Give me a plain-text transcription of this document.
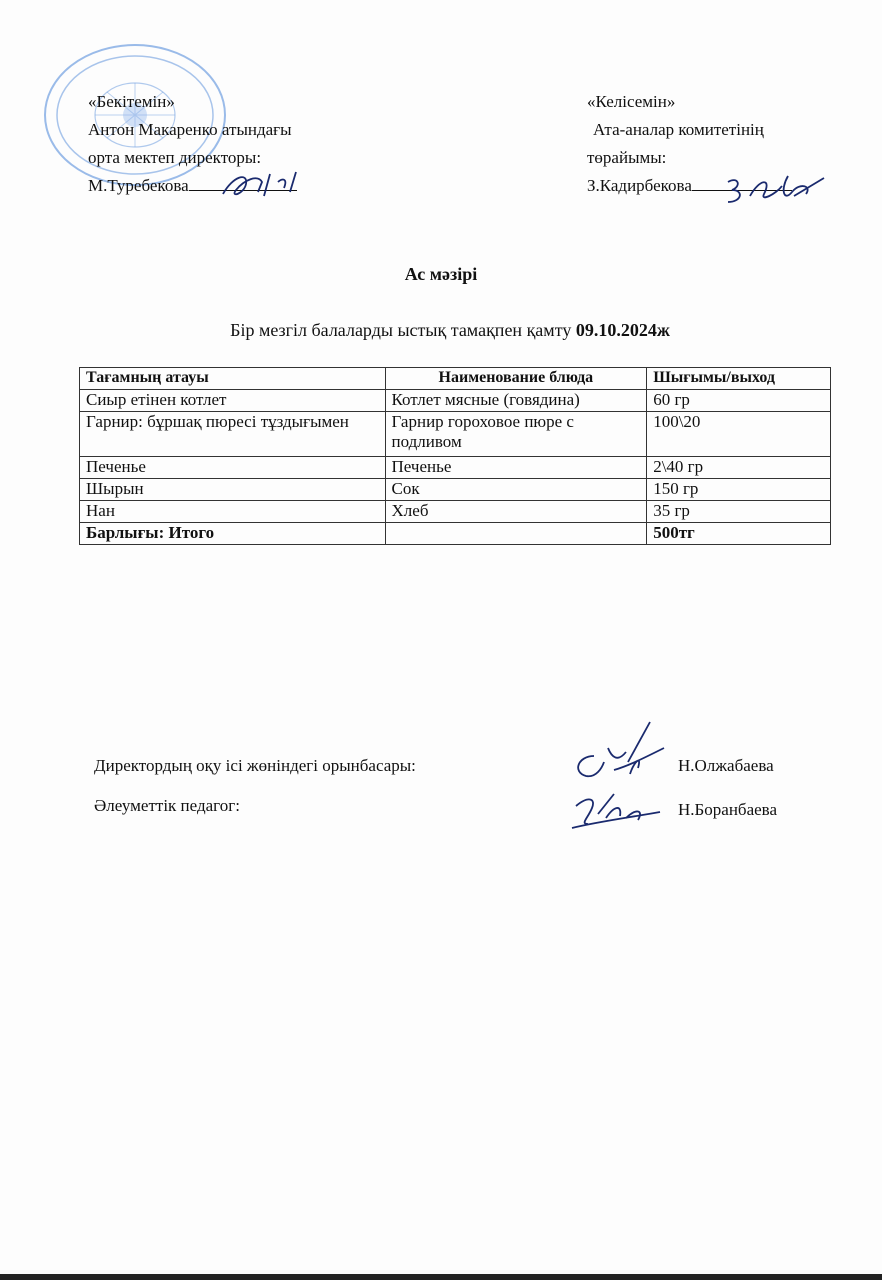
«Бекітемін»
Антон Макаренко атындағы
орта мектеп директоры:
М.Туребекова
«Келісемін»
Ата-аналар комитетінің
төрайымы:
З.Кадирбекова
Ас мәзірі
Бір мезгіл балаларды ыстық тамақпен қамту 09.10.2024ж
Тағамның атауы	Наименование блюда	Шығымы/выход
Сиыр етінен котлет	Котлет мясные (говядина)	60 гр
Гарнир: бұршақ пюресі тұздығымен	Гарнир гороховое пюре с подливом	100\20
Печенье	Печенье	2\40 гр
Шырын	Сок	150 гр
Нан	Хлеб	35 гр
Барлығы: Итого		500тг
Директордың оқу ісі жөніндегі орынбасары:	Н.Олжабаева
Әлеуметтік педагог:	Н.Боранбаева
